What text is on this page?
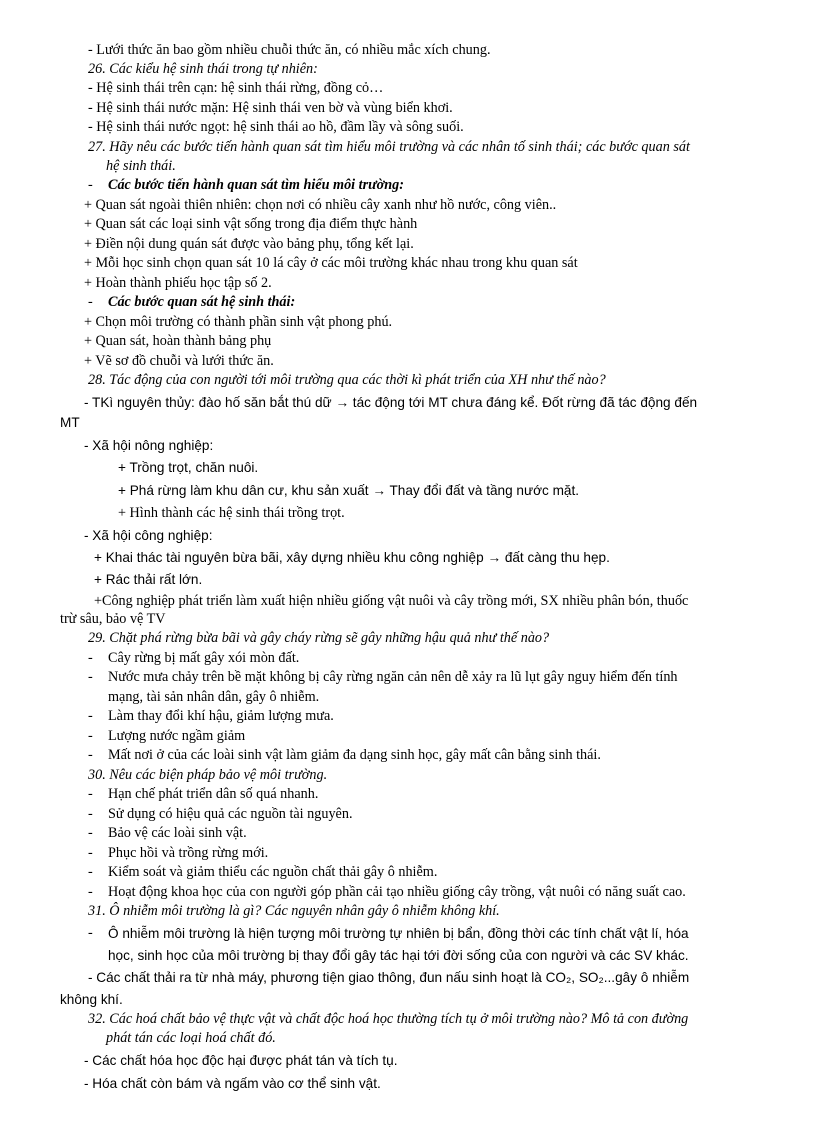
- Lưới thức ăn bao gồm nhiều chuỗi thức ăn, có nhiều mắc xích chung.
26. Các kiểu hệ sinh thái trong tự nhiên:
- Hệ sinh thái trên cạn: hệ sinh thái rừng, đồng cỏ…
- Hệ sinh thái nước mặn: Hệ sinh thái ven bờ và vùng biển khơi.
- Hệ sinh thái nước ngọt: hệ sinh thái ao hồ, đầm lầy và sông suối.
27. Hãy nêu các bước tiến hành quan sát tìm hiểu môi trường và các nhân tố sinh thái; các bước quan sát
hệ sinh thái.
- Các bước tiến hành quan sát tìm hiểu môi trường:
+ Quan sát ngoài thiên nhiên: chọn nơi có nhiều cây xanh như hồ nước, công viên..
+ Quan sát các loại sinh vật sống trong địa điểm thực hành
+ Điền nội dung quán sát được vào bảng phụ, tổng kết lại.
+ Mỗi học sinh chọn quan sát 10 lá cây ở các môi trường khác nhau trong khu quan sát
+ Hoàn thành phiếu học tập số 2.
- Các bước quan sát hệ sinh thái:
+ Chọn môi trường có thành phần sinh vật phong phú.
+ Quan sát, hoàn thành bảng phụ
+ Vẽ sơ đồ chuỗi và lưới thức ăn.
28. Tác động của con người tới môi trường qua các thời kì phát triển của XH như thế nào?
- TKì nguyên thủy: đào hố săn bắt thú dữ → tác động tới MT chưa đáng kể. Đốt rừng đã tác động đến
MT
- Xã hội nông nghiệp:
+ Trồng trọt, chăn nuôi.
+ Phá rừng làm khu dân cư, khu sản xuất → Thay đổi đất và tầng nước mặt.
+ Hình thành các hệ sinh thái trồng trọt.
- Xã hội công nghiệp:
+ Khai thác tài nguyên bừa bãi, xây dựng nhiều khu công nghiệp → đất càng thu hẹp.
+ Rác thải rất lớn.
+Công nghiệp phát triển làm xuất hiện nhiều giống vật nuôi và cây trồng mới, SX nhiều phân bón, thuốc
trừ sâu, bảo vệ TV
29. Chặt phá rừng bừa bãi và gây cháy rừng sẽ gây những hậu quả như thế nào?
- Cây rừng bị mất gây xói mòn đất.
- Nước mưa chảy trên bề mặt không bị cây rừng ngăn cản nên dễ xảy ra lũ lụt gây nguy hiểm đến tính
mạng, tài sản nhân dân, gây ô nhiễm.
- Làm thay đổi khí hậu, giảm lượng mưa.
- Lượng nước ngầm giảm
- Mất nơi ở của các loài sinh vật làm giảm đa dạng sinh học, gây mất cân bằng sinh thái.
30. Nêu các biện pháp bảo vệ môi trường.
- Hạn chế phát triển dân số quá nhanh.
- Sử dụng có hiệu quả các nguồn tài nguyên.
- Bảo vệ các loài sinh vật.
- Phục hồi và trồng rừng mới.
- Kiểm soát và giảm thiểu các nguồn chất thải gây ô nhiễm.
- Hoạt động khoa học của con người góp phần cải tạo nhiều giống cây trồng, vật nuôi có năng suất cao.
31. Ô nhiễm môi trường là gì? Các nguyên nhân gây ô nhiễm không khí.
- Ô nhiễm môi trường là hiện tượng môi trường tự nhiên bị bẩn, đồng thời các tính chất vật lí, hóa
học, sinh học của môi trường bị thay đổi gây tác hại tới đời sống của con người và các SV khác.
- Các chất thải ra từ nhà máy, phương tiện giao thông, đun nấu sinh hoạt là CO₂, SO₂...gây ô nhiễm
không khí.
32. Các hoá chất bảo vệ thực vật và chất độc hoá học thường tích tụ ở môi trường nào? Mô tả con đường
phát tán các loại hoá chất đó.
- Các chất hóa học độc hại được phát tán và tích tụ.
- Hóa chất còn bám và ngấm vào cơ thể sinh vật.
